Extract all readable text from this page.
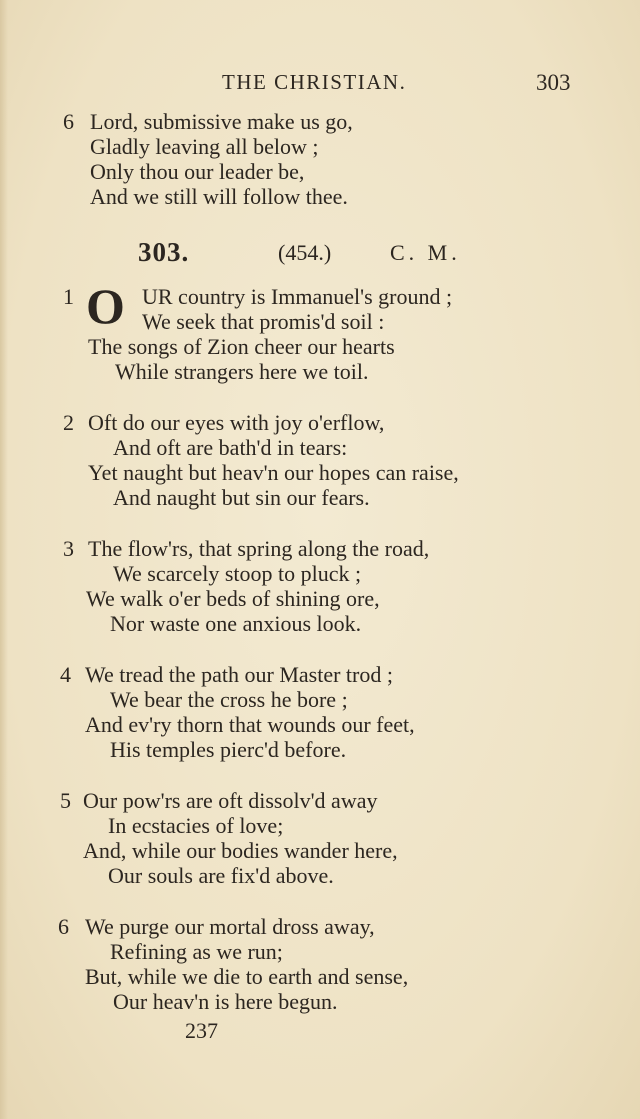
THE CHRISTIAN.	303
6 Lord, submissive make us go,
Gladly leaving all below ;
Only thou our leader be,
And we still will follow thee.
303.	(454.)	C. M.
1 O UR country is Immanuel's ground ;
We seek that promis'd soil :
The songs of Zion cheer our hearts
While strangers here we toil.
2 Oft do our eyes with joy o'erflow,
And oft are bath'd in tears:
Yet naught but heav'n our hopes can raise,
And naught but sin our fears.
3 The flow'rs, that spring along the road,
We scarcely stoop to pluck ;
We walk o'er beds of shining ore,
Nor waste one anxious look.
4 We tread the path our Master trod ;
We bear the cross he bore ;
And ev'ry thorn that wounds our feet,
His temples pierc'd before.
5 Our pow'rs are oft dissolv'd away
In ecstacies of love;
And, while our bodies wander here,
Our souls are fix'd above.
6 We purge our mortal dross away,
Refining as we run;
But, while we die to earth and sense,
Our heav'n is here begun.
237
